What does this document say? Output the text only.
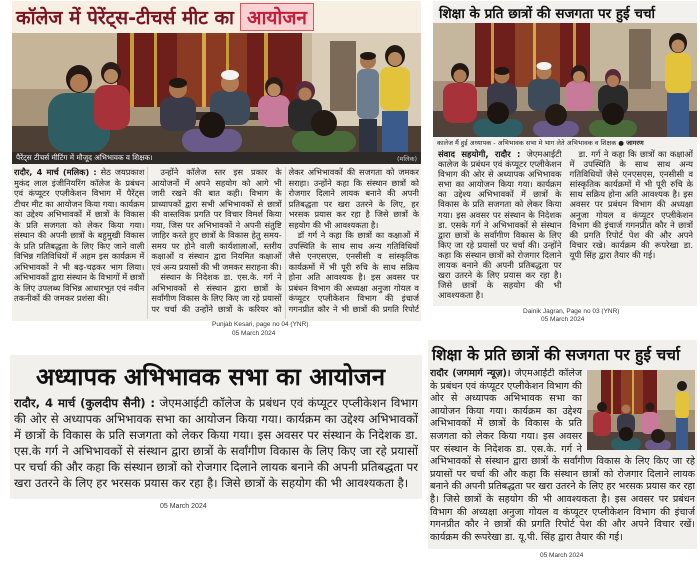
कॉलेज में पेरेंट्स-टीचर्स मीट का आयोजन
पैरेंट्स टीचर्स मीटिंग में मौजूद अभिभावक व शिक्षक।	(मलिक)

रादौर, 4 मार्च (मलिक) : सेठ जयप्रकाश मुकंद लाल इंजीनियरिंग कॉलेज के प्रबंधन एवं कंप्यूटर एप्लीकेशन विभाग में पैरेंट्स टीचर मीट का आयोजन किया गया। कार्यक्रम का उद्देश्य अभिभावकों में छात्रों के विकास के प्रति सजगता को लेकर किया गया। संस्थान की अपनी छात्रों के बहुमुखी विकास के प्रति प्रतिबद्धता के लिए किए जाने वाली विभिन्न गतिविधियों में अहम इस कार्यक्रम में अभिभावकों ने भी बढ़-चढ़कर भाग लिया। अभिभावकों द्वारा संस्थान के विभागों में छात्रों के लिए उपलब्ध विभिन्न आधारभूत एवं नवीन तकनीकों की जमकर प्रशंसा की।

उन्होंने कॉलेज स्तर इस प्रकार के आयोजनों में अपने सहयोग को आगे भी जारी रखने की बात कही। विभाग के प्राध्यापकों द्वारा सभी अभिभावकों से छात्रों की वास्तविक प्रगति पर विचार विमर्श किया गया, जिस पर अभिभावकों ने अपनी संतुष्टि जाहिर करते हुए छात्रों के विकास हेतु समय-समय पर होने वाली कार्यशालाओं, स्तरीय कक्षाओं व संस्थान द्वारा नियमित कक्षाओं एवं अन्य प्रयासों की भी जमकर सराहना की।

संस्थान के निदेशक डा. एस.के. गर्ग ने अभिभावकों से संस्थान द्वारा छात्रों के सर्वांगीण विकास के लिए किए जा रहे प्रयासों पर चर्चा की उन्होंने छात्रों के करियर को लेकर अभिभावकों की सजगता को जमकर सराहा। उन्होंने कहा कि संस्थान छात्रों को रोजगार दिलाने लायक बनाने की अपनी प्रतिबद्धता पर खरा उतरने के लिए, हर भरसक प्रयास कर रहा है जिसे छात्रों के सहयोग की भी आवश्यकता है।

डॉ गर्ग ने कहा कि छात्रों का कक्षाओं में उपस्थिति के साथ साथ अन्य गतिविधियों जैसे एनएसएस, एनसीसी व सांस्कृतिक कार्यक्रमों में भी पूरी रुचि के साथ सक्रिय होना अति आवश्यक है। इस अवसर पर प्रबंधन विभाग की अध्यक्षा अनुजा गोयल व कंप्यूटर एप्लीकेशन विभाग की इंचार्ज गगनप्रीत कौर ने भी छात्रों की प्रगति रिपोर्ट

Punjab Kesari, page no 04 (YNR)
05 March 2024
शिक्षा के प्रति छात्रों की सजगता पर हुई चर्चा
कालेज मैं हुई अध्यापक - अभिभावक सभा मे भाग लेते अभिभावक व शिक्षक ● जागरण

संवाद सहयोगी, रादौर : जेएमआईटी कालेज के प्रबंधन एवं कंप्यूटर एप्लीकेशन विभाग की ओर से अध्यापक अभिभावक सभा का आयोजन किया गया। कार्यक्रम का उद्देश्य अभिभावकों में छात्रों के विकास के प्रति सजगता को लेकर किया गया। इस अवसर पर संस्थान के निदेशक डा. एसके गर्ग ने अभिभावकों से संस्थान द्वारा छात्रों के सर्वांगीण विकास के लिए किए जा रहे प्रयासों पर चर्चा की। उन्होंने कहा कि संस्थान छात्रों को रोजगार दिलाने लायक बनाने की अपनी प्रतिबद्धता पर खरा उतरने के लिए प्रयास कर रहा है। जिसे छात्रों के सहयोग की भी आवश्यकता है।

डा. गर्ग ने कहा कि छात्रों का कक्षाओं में उपस्थिति के साथ साथ अन्य गतिविधियों जैसे एनएसएस, एनसीसी व सांस्कृतिक कार्यक्रमों में भी पूरी रुचि के साथ सक्रिय होना अति आवश्यक है। इस अवसर पर प्रबंधन विभाग की अध्यक्षा अनुजा गोयल व कंप्यूटर एप्लीकेशन विभाग की इंचार्ज गगनप्रीत कौर ने छात्रों की प्रगति रिपोर्ट पेश की और अपने विचार रखे। कार्यक्रम की रूपरेखा डा. यूपी सिंह द्वारा तैयार की गई।

Dainik Jagran, Page no 03 (YNR)
05 March 2024
अध्यापक अभिभावक सभा का आयोजन

रादौर, 4 मार्च (कुलदीप सैनी) : जेएमआईटी कॉलेज के प्रबंधन एवं कंप्यूटर एप्लीकेशन विभाग की ओर से अध्यापक अभिभावक सभा का आयोजन किया गया। कार्यक्रम का उद्देश्य अभिभावकों में छात्रों के विकास के प्रति सजगता को लेकर किया गया। इस अवसर पर संस्थान के निदेशक डा. एस.के गर्ग ने अभिभावकों से संस्थान द्वारा छात्रों के सर्वांगीण विकास के लिए किए जा रहे प्रयासों पर चर्चा की और कहा कि संस्थान छात्रों को रोजगार दिलाने लायक बनाने की अपनी प्रतिबद्धता पर खरा उतरने के लिए हर भरसक प्रयास कर रहा है। जिसे छात्रों के सहयोग की भी आवश्यकता है।

05 March 2024
शिक्षा के प्रति छात्रों की सजगता पर हुई चर्चा

रादौर (जगमार्ग न्यूज़)। जेएमआईटी कॉलेज के प्रबंधन एवं कंप्यूटर एप्लीकेशन विभाग की ओर से अध्यापक अभिभावक सभा का आयोजन किया गया। कार्यक्रम का उद्देश्य अभिभावकों में छात्रों के विकास के प्रति सजगता को लेकर किया गया। इस अवसर पर संस्थान के निदेशक डा. एस.के. गर्ग ने अभिभावकों से संस्थान द्वारा छात्रों के सर्वांगीण विकास के लिए किए जा रहे प्रयासों पर चर्चा की और कहा कि संस्थान छात्रों को रोजगार दिलाने लायक बनाने की अपनी प्रतिबद्धता पर खरा उतरने के लिए हर भरसक प्रयास कर रहा है। जिसे छात्रों के सहयोग की भी आवश्यकता है। इस अवसर पर प्रबंधन विभाग की अध्यक्षा अनुजा गोयल व कंप्यूटर एप्लीकेशन विभाग की इंचार्ज गगनप्रीत कौर ने छात्रों की प्रगति रिपोर्ट पेश की और अपने विचार रखें। कार्यक्रम की रूपरेखा डा. यू.पी. सिंह द्वारा तैयार की गई।

05 March 2024
